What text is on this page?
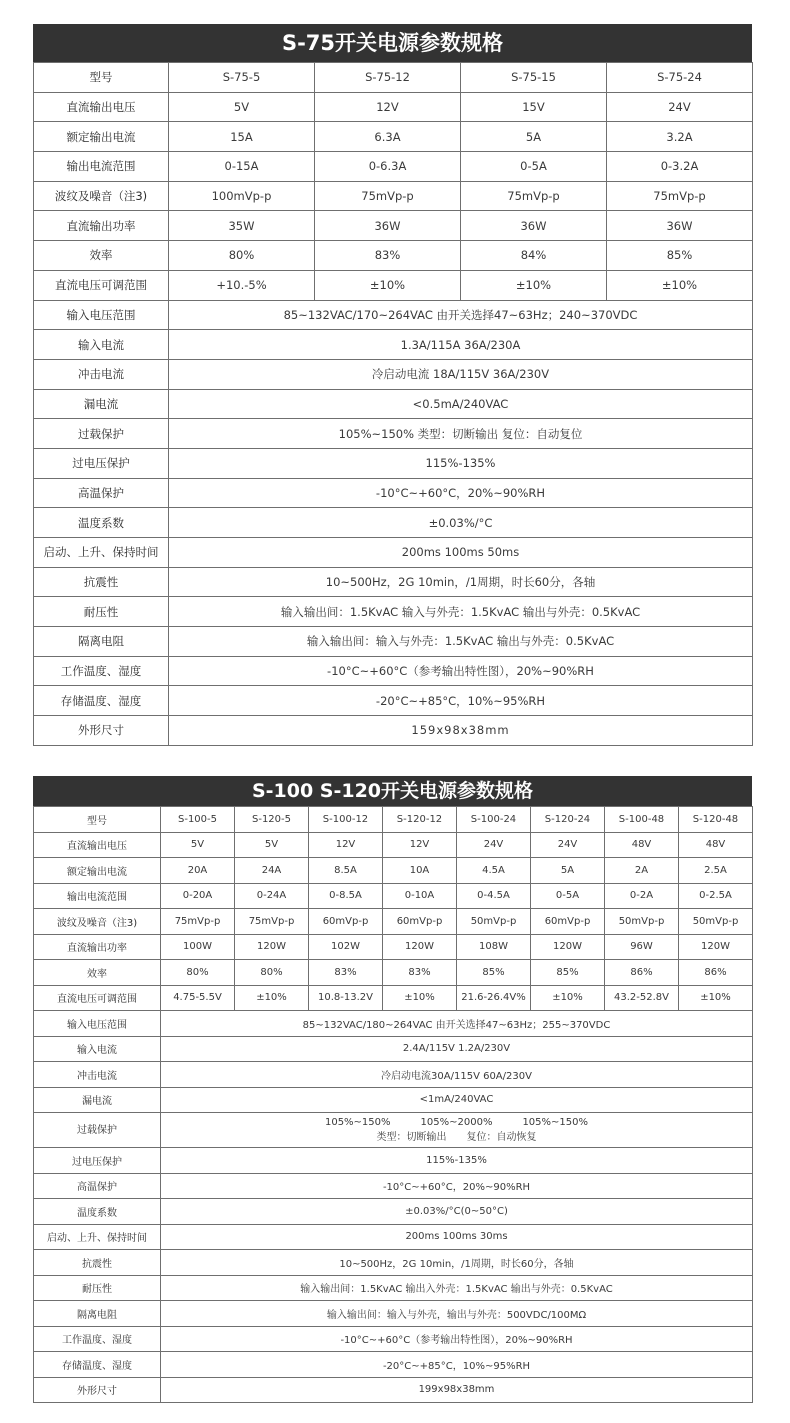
S-75开关电源参数规格
型号	S-75-5	S-75-12	S-75-15	S-75-24
直流输出电压	5V	12V	15V	24V
额定输出电流	15A	6.3A	5A	3.2A
输出电流范围	0-15A	0-6.3A	0-5A	0-3.2A
波纹及噪音（注3)	100mVp-p	75mVp-p	75mVp-p	75mVp-p
直流输出功率	35W	36W	36W	36W
效率	80%	83%	84%	85%
直流电压可调范围	+10.-5%	±10%	±10%	±10%
输入电压范围	85~132VAC/170~264VAC 由开关选择47~63Hz；240~370VDC			
输入电流	1.3A/115A 36A/230A			
冲击电流	冷启动电流 18A/115V 36A/230V			
漏电流	<0.5mA/240VAC			
过载保护	105%~150% 类型：切断输出 复位：自动复位			
过电压保护	115%-135%			
高温保护	-10°C~+60°C，20%~90%RH			
温度系数	±0.03%/°C			
启动、上升、保持时间	200ms 100ms 50ms			
抗震性	10~500Hz，2G 10min，/1周期，时长60分，各轴			
耐压性	输入输出间：1.5KvAC 输入与外壳：1.5KvAC 输出与外壳：0.5KvAC			
隔离电阻	输入输出间：输入与外壳：1.5KvAC 输出与外壳：0.5KvAC			
工作温度、湿度	-10°C~+60°C（参考输出特性图），20%~90%RH			
存储温度、湿度	-20°C~+85°C，10%~95%RH			
外形尺寸	159x98x38mm			
S-100 S-120开关电源参数规格
型号	S-100-5	S-120-5	S-100-12	S-120-12	S-100-24	S-120-24	S-100-48	S-120-48
直流输出电压	5V	5V	12V	12V	24V	24V	48V	48V
额定输出电流	20A	24A	8.5A	10A	4.5A	5A	2A	2.5A
输出电流范围	0-20A	0-24A	0-8.5A	0-10A	0-4.5A	0-5A	0-2A	0-2.5A
波纹及噪音（注3)	75mVp-p	75mVp-p	60mVp-p	60mVp-p	50mVp-p	60mVp-p	50mVp-p	50mVp-p
直流输出功率	100W	120W	102W	120W	108W	120W	96W	120W
效率	80%	80%	83%	83%	85%	85%	86%	86%
直流电压可调范围	4.75-5.5V	±10%	10.8-13.2V	±10%	21.6-26.4V%	±10%	43.2-52.8V	±10%
输入电压范围	85~132VAC/180~264VAC 由开关选择47~63Hz；255~370VDC							
输入电流	2.4A/115V 1.2A/230V							
冲击电流	冷启动电流30A/115V 60A/230V							
漏电流	<1mA/240VAC							
过载保护	105%~150%　　　105%~2000%　　　105%~150%
类型：切断输出　　复位：自动恢复							
过电压保护	115%-135%							
高温保护	-10°C~+60°C，20%~90%RH							
温度系数	±0.03%/°C(0~50°C)							
启动、上升、保持时间	200ms 100ms 30ms							
抗震性	10~500Hz，2G 10min，/1周期，时长60分，各轴							
耐压性	输入输出间：1.5KvAC 输出入外壳：1.5KvAC 输出与外壳：0.5KvAC							
隔离电阻	输入输出间：输入与外壳，输出与外壳：500VDC/100MΩ							
工作温度、湿度	-10°C~+60°C（参考输出特性图），20%~90%RH							
存储温度、湿度	-20°C~+85°C，10%~95%RH							
外形尺寸	199x98x38mm							
